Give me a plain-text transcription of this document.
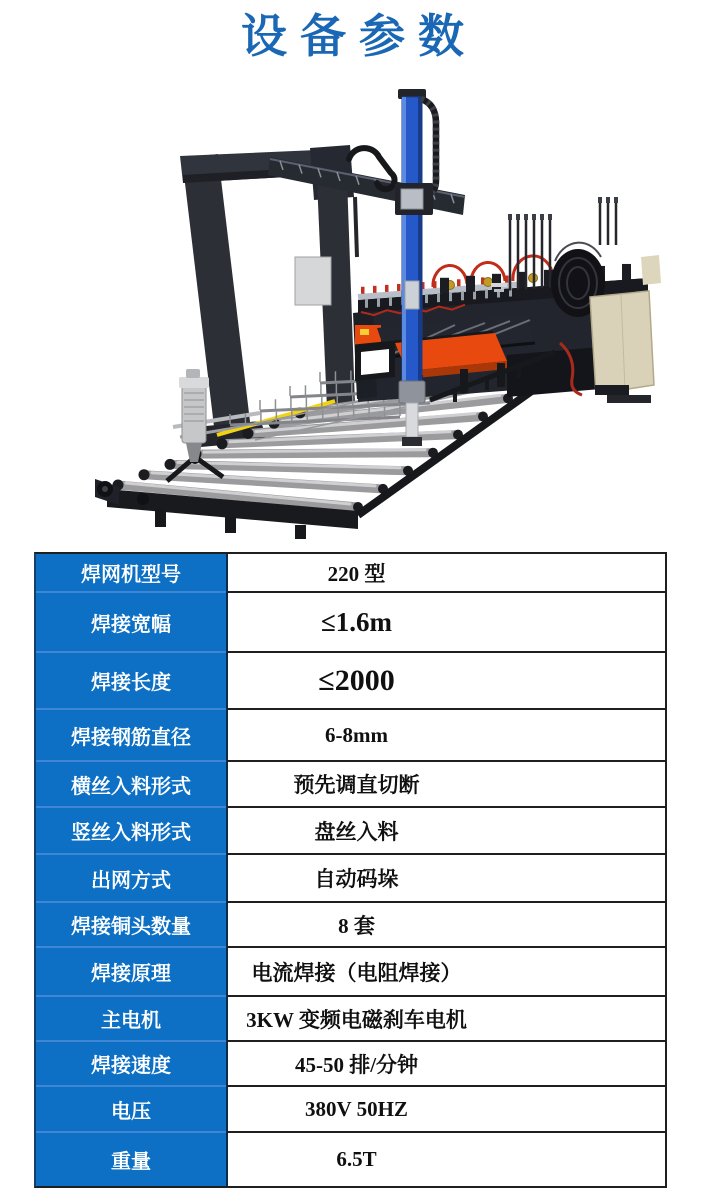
设备参数
焊网机型号	220 型
焊接宽幅	≤1.6m
焊接长度	≤2000
焊接钢筋直径	6-8mm
横丝入料形式	预先调直切断
竖丝入料形式	盘丝入料
出网方式	自动码垛
焊接铜头数量	8 套
焊接原理	电流焊接（电阻焊接）
主电机	3KW 变频电磁刹车电机
焊接速度	45-50 排/分钟
电压	380V 50HZ
重量	6.5T
